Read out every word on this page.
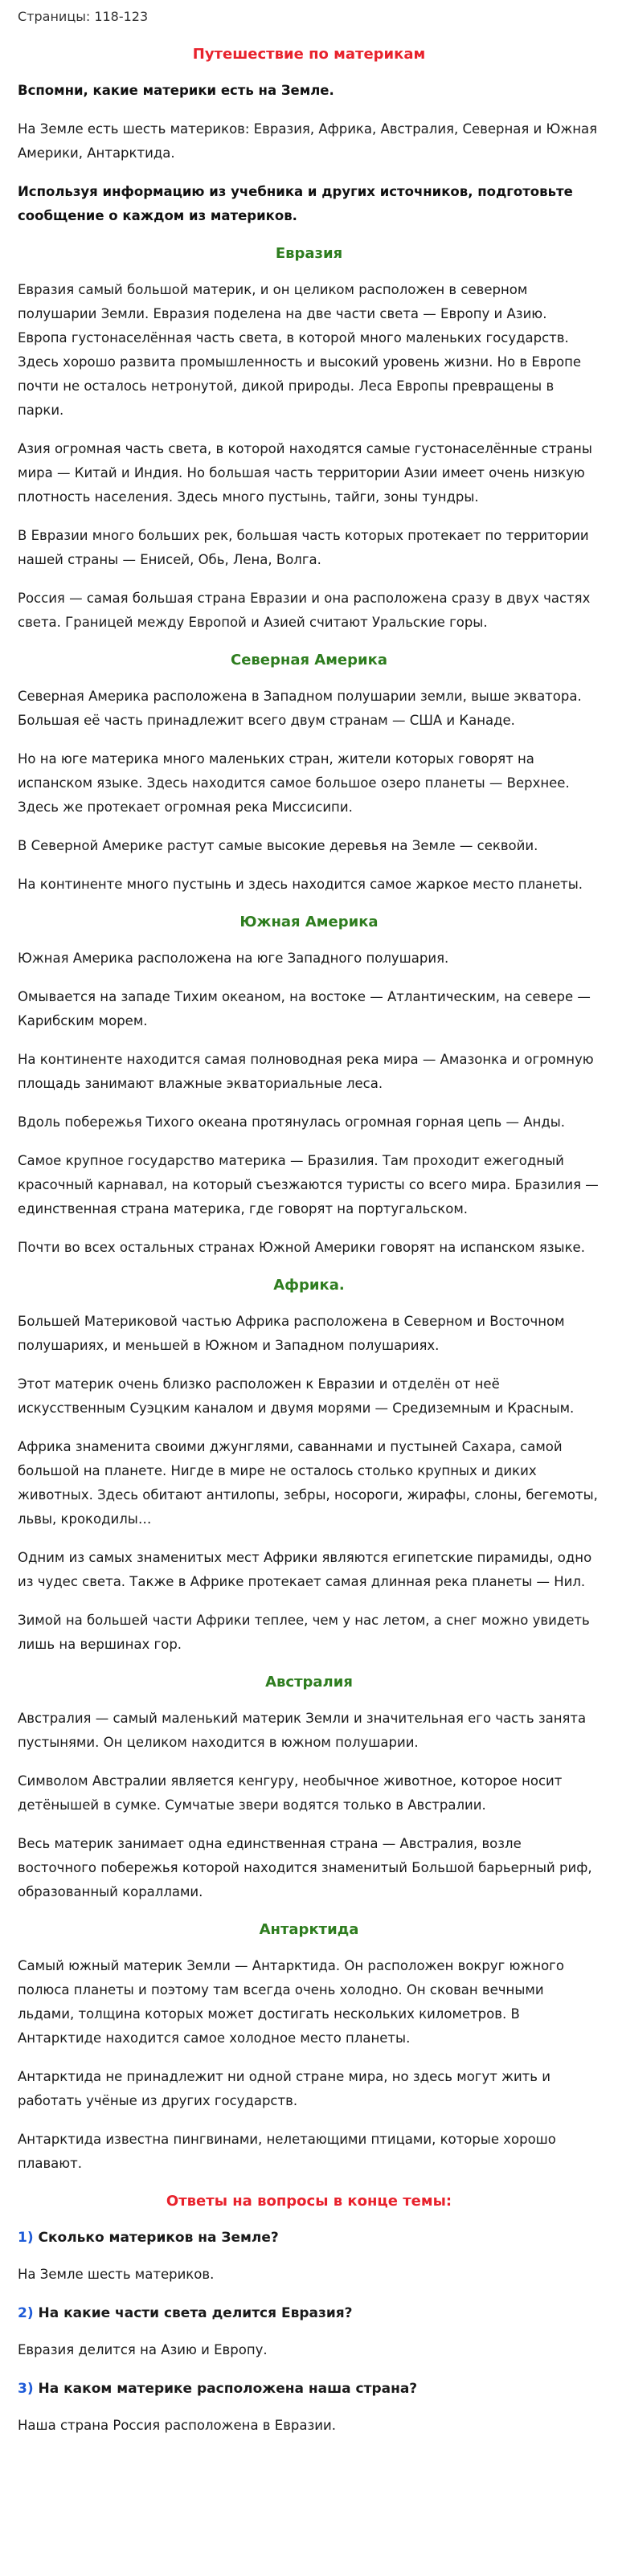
Страницы: 118-123
Путешествие по материкам

Вспомни, какие материки есть на Земле.

На Земле есть шесть материков: Евразия, Африка, Австралия, Северная и Южная Америки, Антарктида.

Используя информацию из учебника и других источников, подготовьте сообщение о каждом из материков.

Евразия

Евразия самый большой материк, и он целиком расположен в северном полушарии Земли. Евразия поделена на две части света — Европу и Азию. Европа густонаселённая часть света, в которой много маленьких государств. Здесь хорошо развита промышленность и высокий уровень жизни. Но в Европе почти не осталось нетронутой, дикой природы. Леса Европы превращены в парки.

Азия огромная часть света, в которой находятся самые густонаселённые страны мира — Китай и Индия. Но большая часть территории Азии имеет очень низкую плотность населения. Здесь много пустынь, тайги, зоны тундры.

В Евразии много больших рек, большая часть которых протекает по территории нашей страны — Енисей, Обь, Лена, Волга.

Россия — самая большая страна Евразии и она расположена сразу в двух частях света. Границей между Европой и Азией считают Уральские горы.

Северная Америка

Северная Америка расположена в Западном полушарии земли, выше экватора. Большая её часть принадлежит всего двум странам — США и Канаде.

Но на юге материка много маленьких стран, жители которых говорят на испанском языке. Здесь находится самое большое озеро планеты — Верхнее. Здесь же протекает огромная река Миссисипи.

В Северной Америке растут самые высокие деревья на Земле — секвойи.

На континенте много пустынь и здесь находится самое жаркое место планеты.

Южная Америка

Южная Америка расположена на юге Западного полушария.

Омывается на западе Тихим океаном, на востоке — Атлантическим, на севере — Карибским морем.

На континенте находится самая полноводная река мира — Амазонка и огромную площадь занимают влажные экваториальные леса.

Вдоль побережья Тихого океана протянулась огромная горная цепь — Анды.

Самое крупное государство материка — Бразилия. Там проходит ежегодный красочный карнавал, на который съезжаются туристы со всего мира. Бразилия — единственная страна материка, где говорят на португальском.

Почти во всех остальных странах Южной Америки говорят на испанском языке.

Африка.

Большей Материковой частью Африка расположена в Северном и Восточном полушариях, и меньшей в Южном и Западном полушариях.

Этот материк очень близко расположен к Евразии и отделён от неё искусственным Суэцким каналом и двумя морями — Средиземным и Красным.

Африка знаменита своими джунглями, саваннами и пустыней Сахара, самой большой на планете. Нигде в мире не осталось столько крупных и диких животных. Здесь обитают антилопы, зебры, носороги, жирафы, слоны, бегемоты, львы, крокодилы…

Одним из самых знаменитых мест Африки являются египетские пирамиды, одно из чудес света. Также в Африке протекает самая длинная река планеты — Нил.

Зимой на большей части Африки теплее, чем у нас летом, а снег можно увидеть лишь на вершинах гор.

Австралия

Австралия — самый маленький материк Земли и значительная его часть занята пустынями. Он целиком находится в южном полушарии.

Символом Австралии является кенгуру, необычное животное, которое носит детёнышей в сумке. Сумчатые звери водятся только в Австралии.

Весь материк занимает одна единственная страна — Австралия, возле восточного побережья которой находится знаменитый Большой барьерный риф, образованный кораллами.

Антарктида

Самый южный материк Земли — Антарктида. Он расположен вокруг южного полюса планеты и поэтому там всегда очень холодно. Он скован вечными льдами, толщина которых может достигать нескольких километров. В Антарктиде находится самое холодное место планеты.

Антарктида не принадлежит ни одной стране мира, но здесь могут жить и работать учёные из других государств.

Антарктида известна пингвинами, нелетающими птицами, которые хорошо плавают.

Ответы на вопросы в конце темы:
1) Сколько материков на Земле?

На Земле шесть материков.

2) На какие части света делится Евразия?

Евразия делится на Азию и Европу.

3) На каком материке расположена наша страна?

Наша страна Россия расположена в Евразии.
